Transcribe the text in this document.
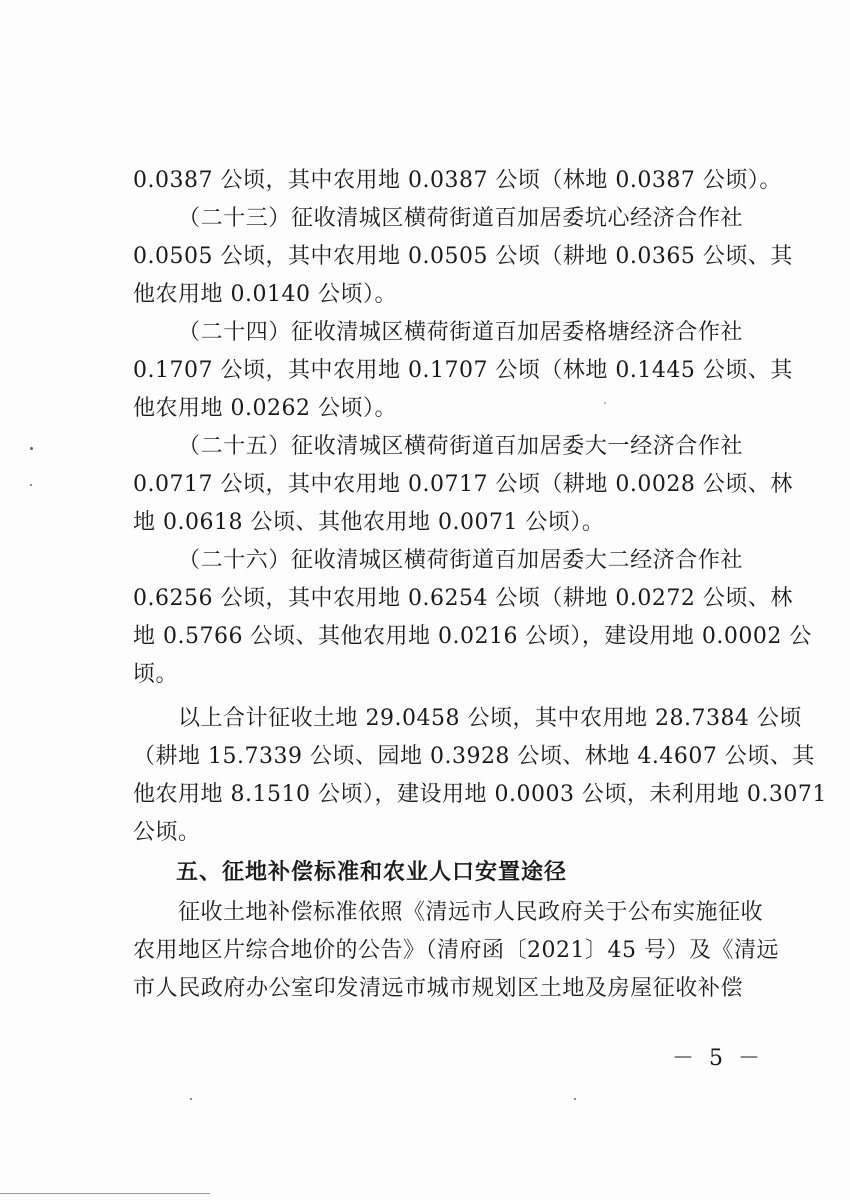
0.0387 公顷，其中农用地 0.0387 公顷（林地 0.0387 公顷）。
（二十三）征收清城区横荷街道百加居委坑心经济合作社
0.0505 公顷，其中农用地 0.0505 公顷（耕地 0.0365 公顷、其
他农用地 0.0140 公顷）。
（二十四）征收清城区横荷街道百加居委格塘经济合作社
0.1707 公顷，其中农用地 0.1707 公顷（林地 0.1445 公顷、其
他农用地 0.0262 公顷）。
（二十五）征收清城区横荷街道百加居委大一经济合作社
0.0717 公顷，其中农用地 0.0717 公顷（耕地 0.0028 公顷、林
地 0.0618 公顷、其他农用地 0.0071 公顷）。
（二十六）征收清城区横荷街道百加居委大二经济合作社
0.6256 公顷，其中农用地 0.6254 公顷（耕地 0.0272 公顷、林
地 0.5766 公顷、其他农用地 0.0216 公顷），建设用地 0.0002 公
顷。
以上合计征收土地 29.0458 公顷，其中农用地 28.7384 公顷
（耕地 15.7339 公顷、园地 0.3928 公顷、林地 4.4607 公顷、其
他农用地 8.1510 公顷），建设用地 0.0003 公顷，未利用地 0.3071
公顷。
五、征地补偿标准和农业人口安置途径
征收土地补偿标准依照《清远市人民政府关于公布实施征收
农用地区片综合地价的公告》（清府函〔2021〕45 号）及《清远
市人民政府办公室印发清远市城市规划区土地及房屋征收补偿
－ 5 －
